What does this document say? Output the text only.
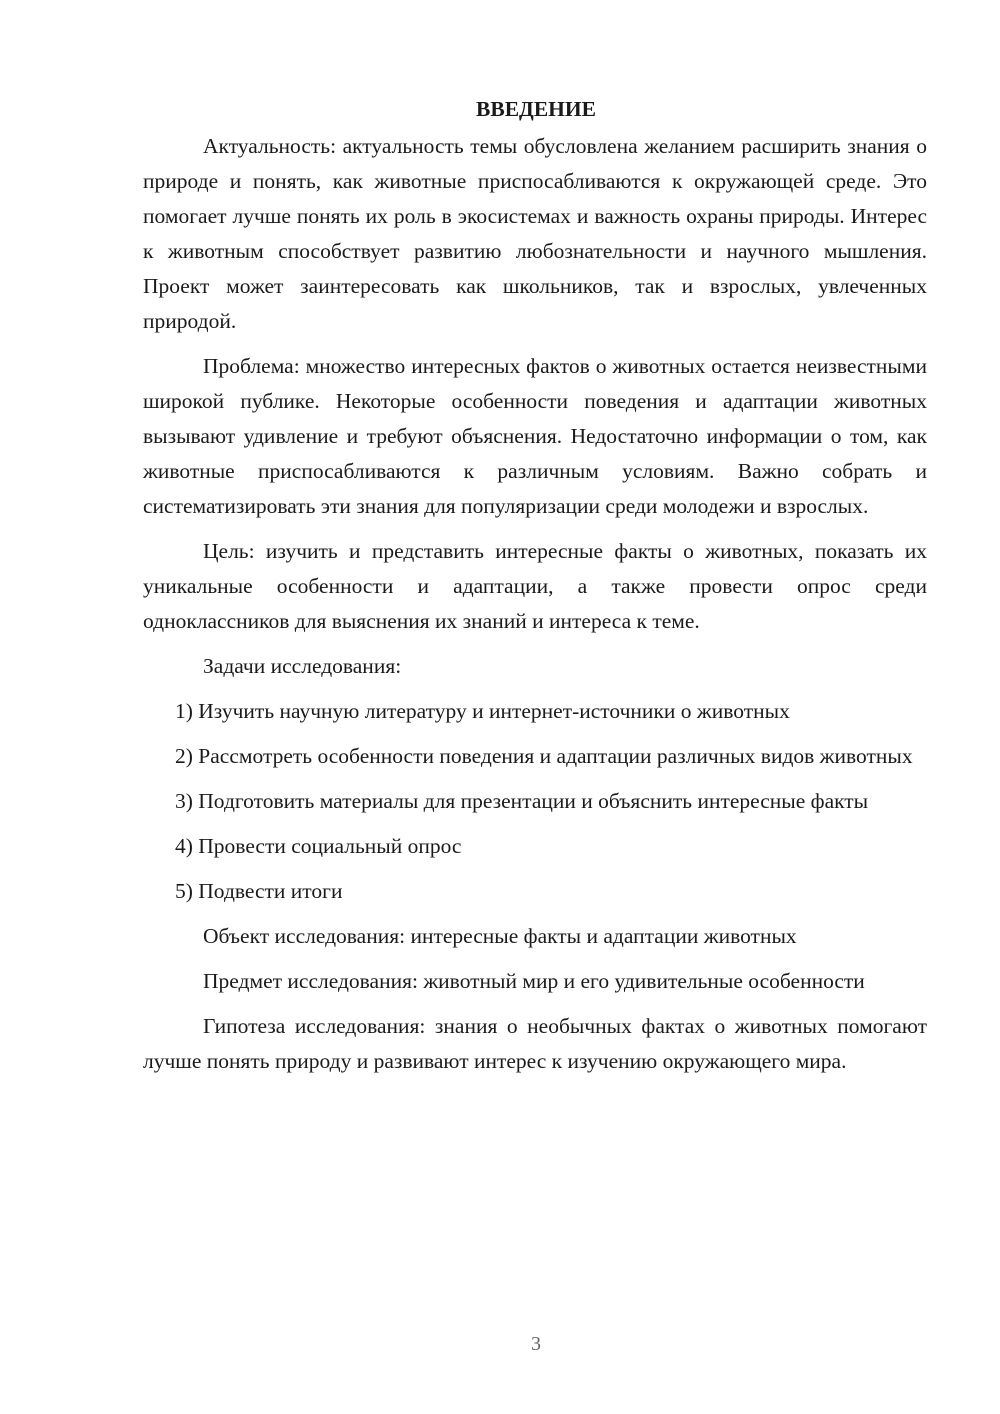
ВВЕДЕНИЕ

Актуальность: актуальность темы обусловлена желанием расширить знания о природе и понять, как животные приспосабливаются к окружающей среде. Это помогает лучше понять их роль в экосистемах и важность охраны природы. Интерес к животным способствует развитию любознательности и научного мышления. Проект может заинтересовать как школьников, так и взрослых, увлеченных природой.

Проблема: множество интересных фактов о животных остается неизвестными широкой публике. Некоторые особенности поведения и адаптации животных вызывают удивление и требуют объяснения. Недостаточно информации о том, как животные приспосабливаются к различным условиям. Важно собрать и систематизировать эти знания для популяризации среди молодежи и взрослых.

Цель: изучить и представить интересные факты о животных, показать их уникальные особенности и адаптации, а также провести опрос среди одноклассников для выяснения их знаний и интереса к теме.

Задачи исследования:

1) Изучить научную литературу и интернет-источники о животных

2) Рассмотреть особенности поведения и адаптации различных видов животных

3) Подготовить материалы для презентации и объяснить интересные факты

4) Провести социальный опрос

5) Подвести итоги

Объект исследования: интересные факты и адаптации животных

Предмет исследования: животный мир и его удивительные особенности

Гипотеза исследования: знания о необычных фактах о животных помогают лучше понять природу и развивают интерес к изучению окружающего мира.

3
